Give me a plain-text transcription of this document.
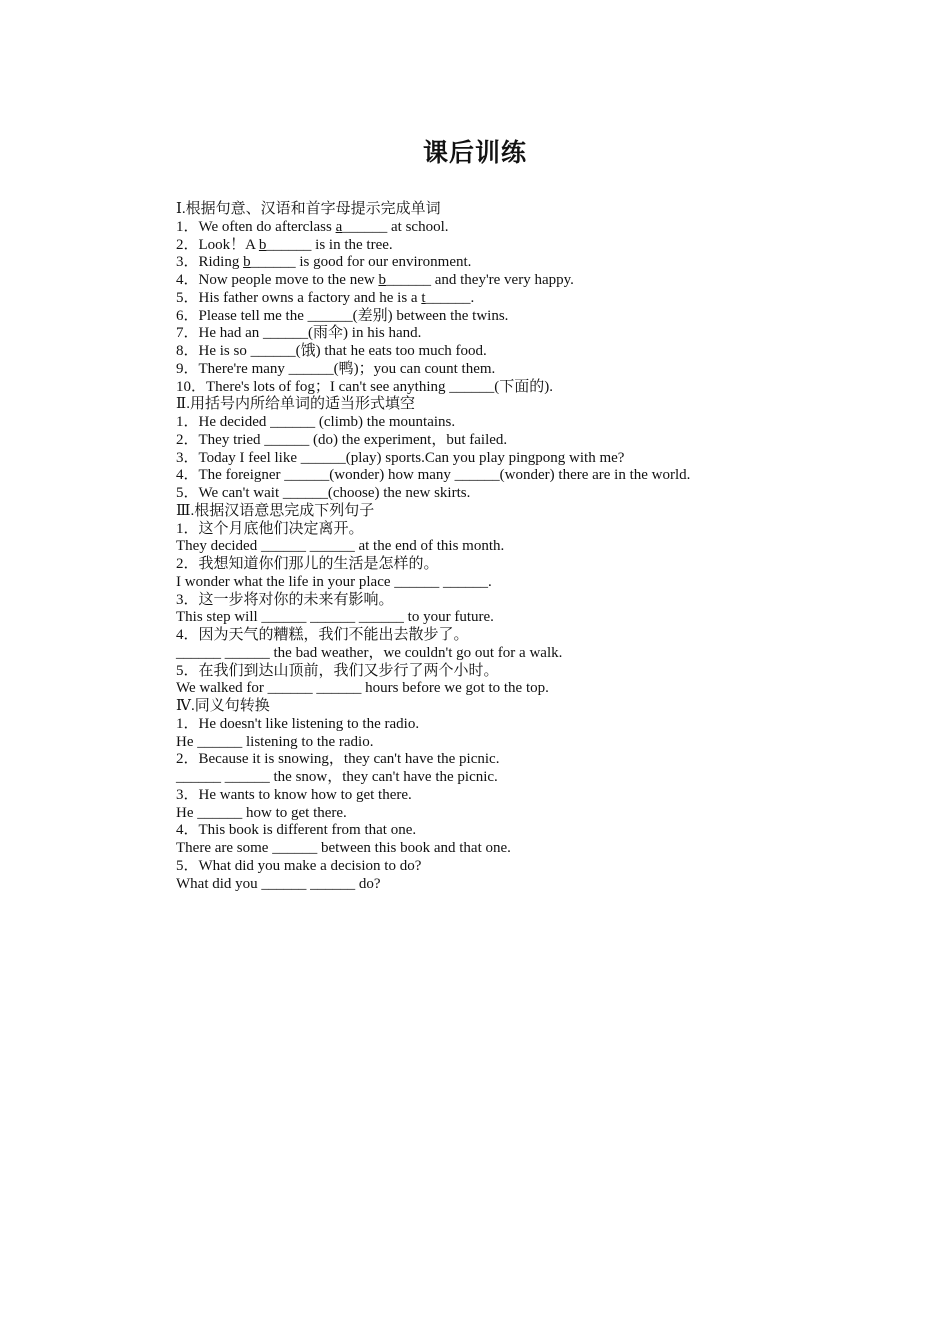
课后训练
Ⅰ.根据句意、汉语和首字母提示完成单词
1．We often do afterclass a______ at school.
2．Look！A b______ is in the tree.
3．Riding b______ is good for our environment.
4．Now people move to the new b______ and they're very happy.
5．His father owns a factory and he is a t______.
6．Please tell me the ______(差别) between the twins.
7．He had an ______(雨伞) in his hand.
8．He is so ______(饿) that he eats too much food.
9．There're many ______(鸭)；you can count them.
10．There's lots of fog；I can't see anything ______(下面的).
Ⅱ.用括号内所给单词的适当形式填空
1．He decided ______ (climb) the mountains.
2．They tried ______ (do) the experiment，but failed.
3．Today I feel like ______(play) sports.Can you play pingpong with me?
4．The foreigner ______(wonder) how many ______(wonder) there are in the world.
5．We can't wait ______(choose) the new skirts.
Ⅲ.根据汉语意思完成下列句子
1．这个月底他们决定离开。
They decided ______ ______ at the end of this month.
2．我想知道你们那儿的生活是怎样的。
I wonder what the life in your place ______ ______.
3．这一步将对你的未来有影响。
This step will ______ ______ ______ to your future.
4．因为天气的糟糕，我们不能出去散步了。
______ ______ the bad weather，we couldn't go out for a walk.
5．在我们到达山顶前，我们又步行了两个小时。
We walked for ______ ______ hours before we got to the top.
Ⅳ.同义句转换
1．He doesn't like listening to the radio.
He ______ listening to the radio.
2．Because it is snowing，they can't have the picnic.
______ ______ the snow，they can't have the picnic.
3．He wants to know how to get there.
He ______ how to get there.
4．This book is different from that one.
There are some ______ between this book and that one.
5．What did you make a decision to do?
What did you ______ ______ do?
